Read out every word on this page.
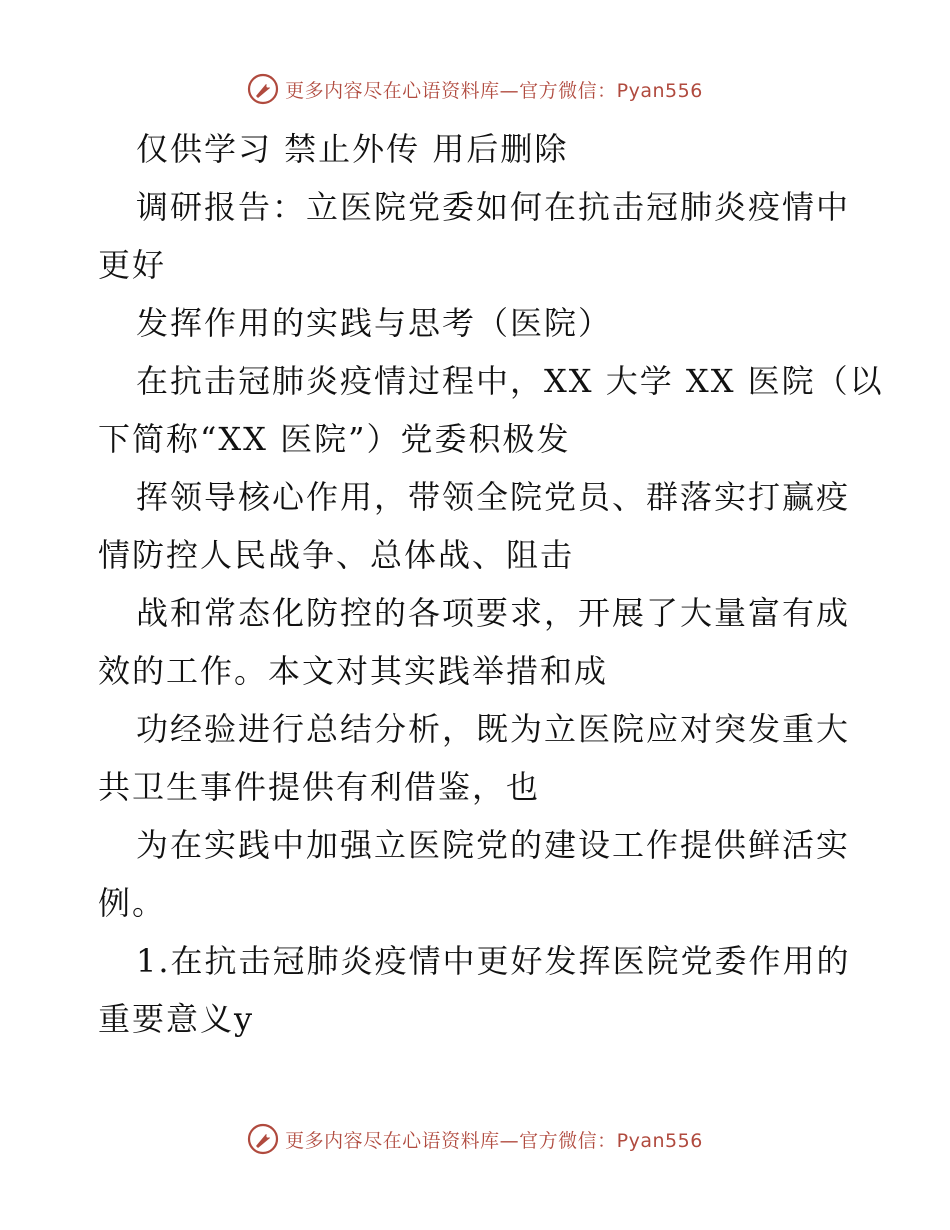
更多内容尽在心语资料库—官方微信：Pyan556
仅供学习 禁止外传 用后删除
调研报告：立医院党委如何在抗击冠肺炎疫情中
更好
发挥作用的实践与思考（医院）
在抗击冠肺炎疫情过程中，XX 大学 XX 医院（以
下简称“XX 医院”）党委积极发
挥领导核心作用，带领全院党员、群落实打赢疫
情防控人民战争、总体战、阻击
战和常态化防控的各项要求，开展了大量富有成
效的工作。本文对其实践举措和成
功经验进行总结分析，既为立医院应对突发重大
共卫生事件提供有利借鉴，也
为在实践中加强立医院党的建设工作提供鲜活实
例。
1.在抗击冠肺炎疫情中更好发挥医院党委作用的
重要意义y
更多内容尽在心语资料库—官方微信：Pyan556
